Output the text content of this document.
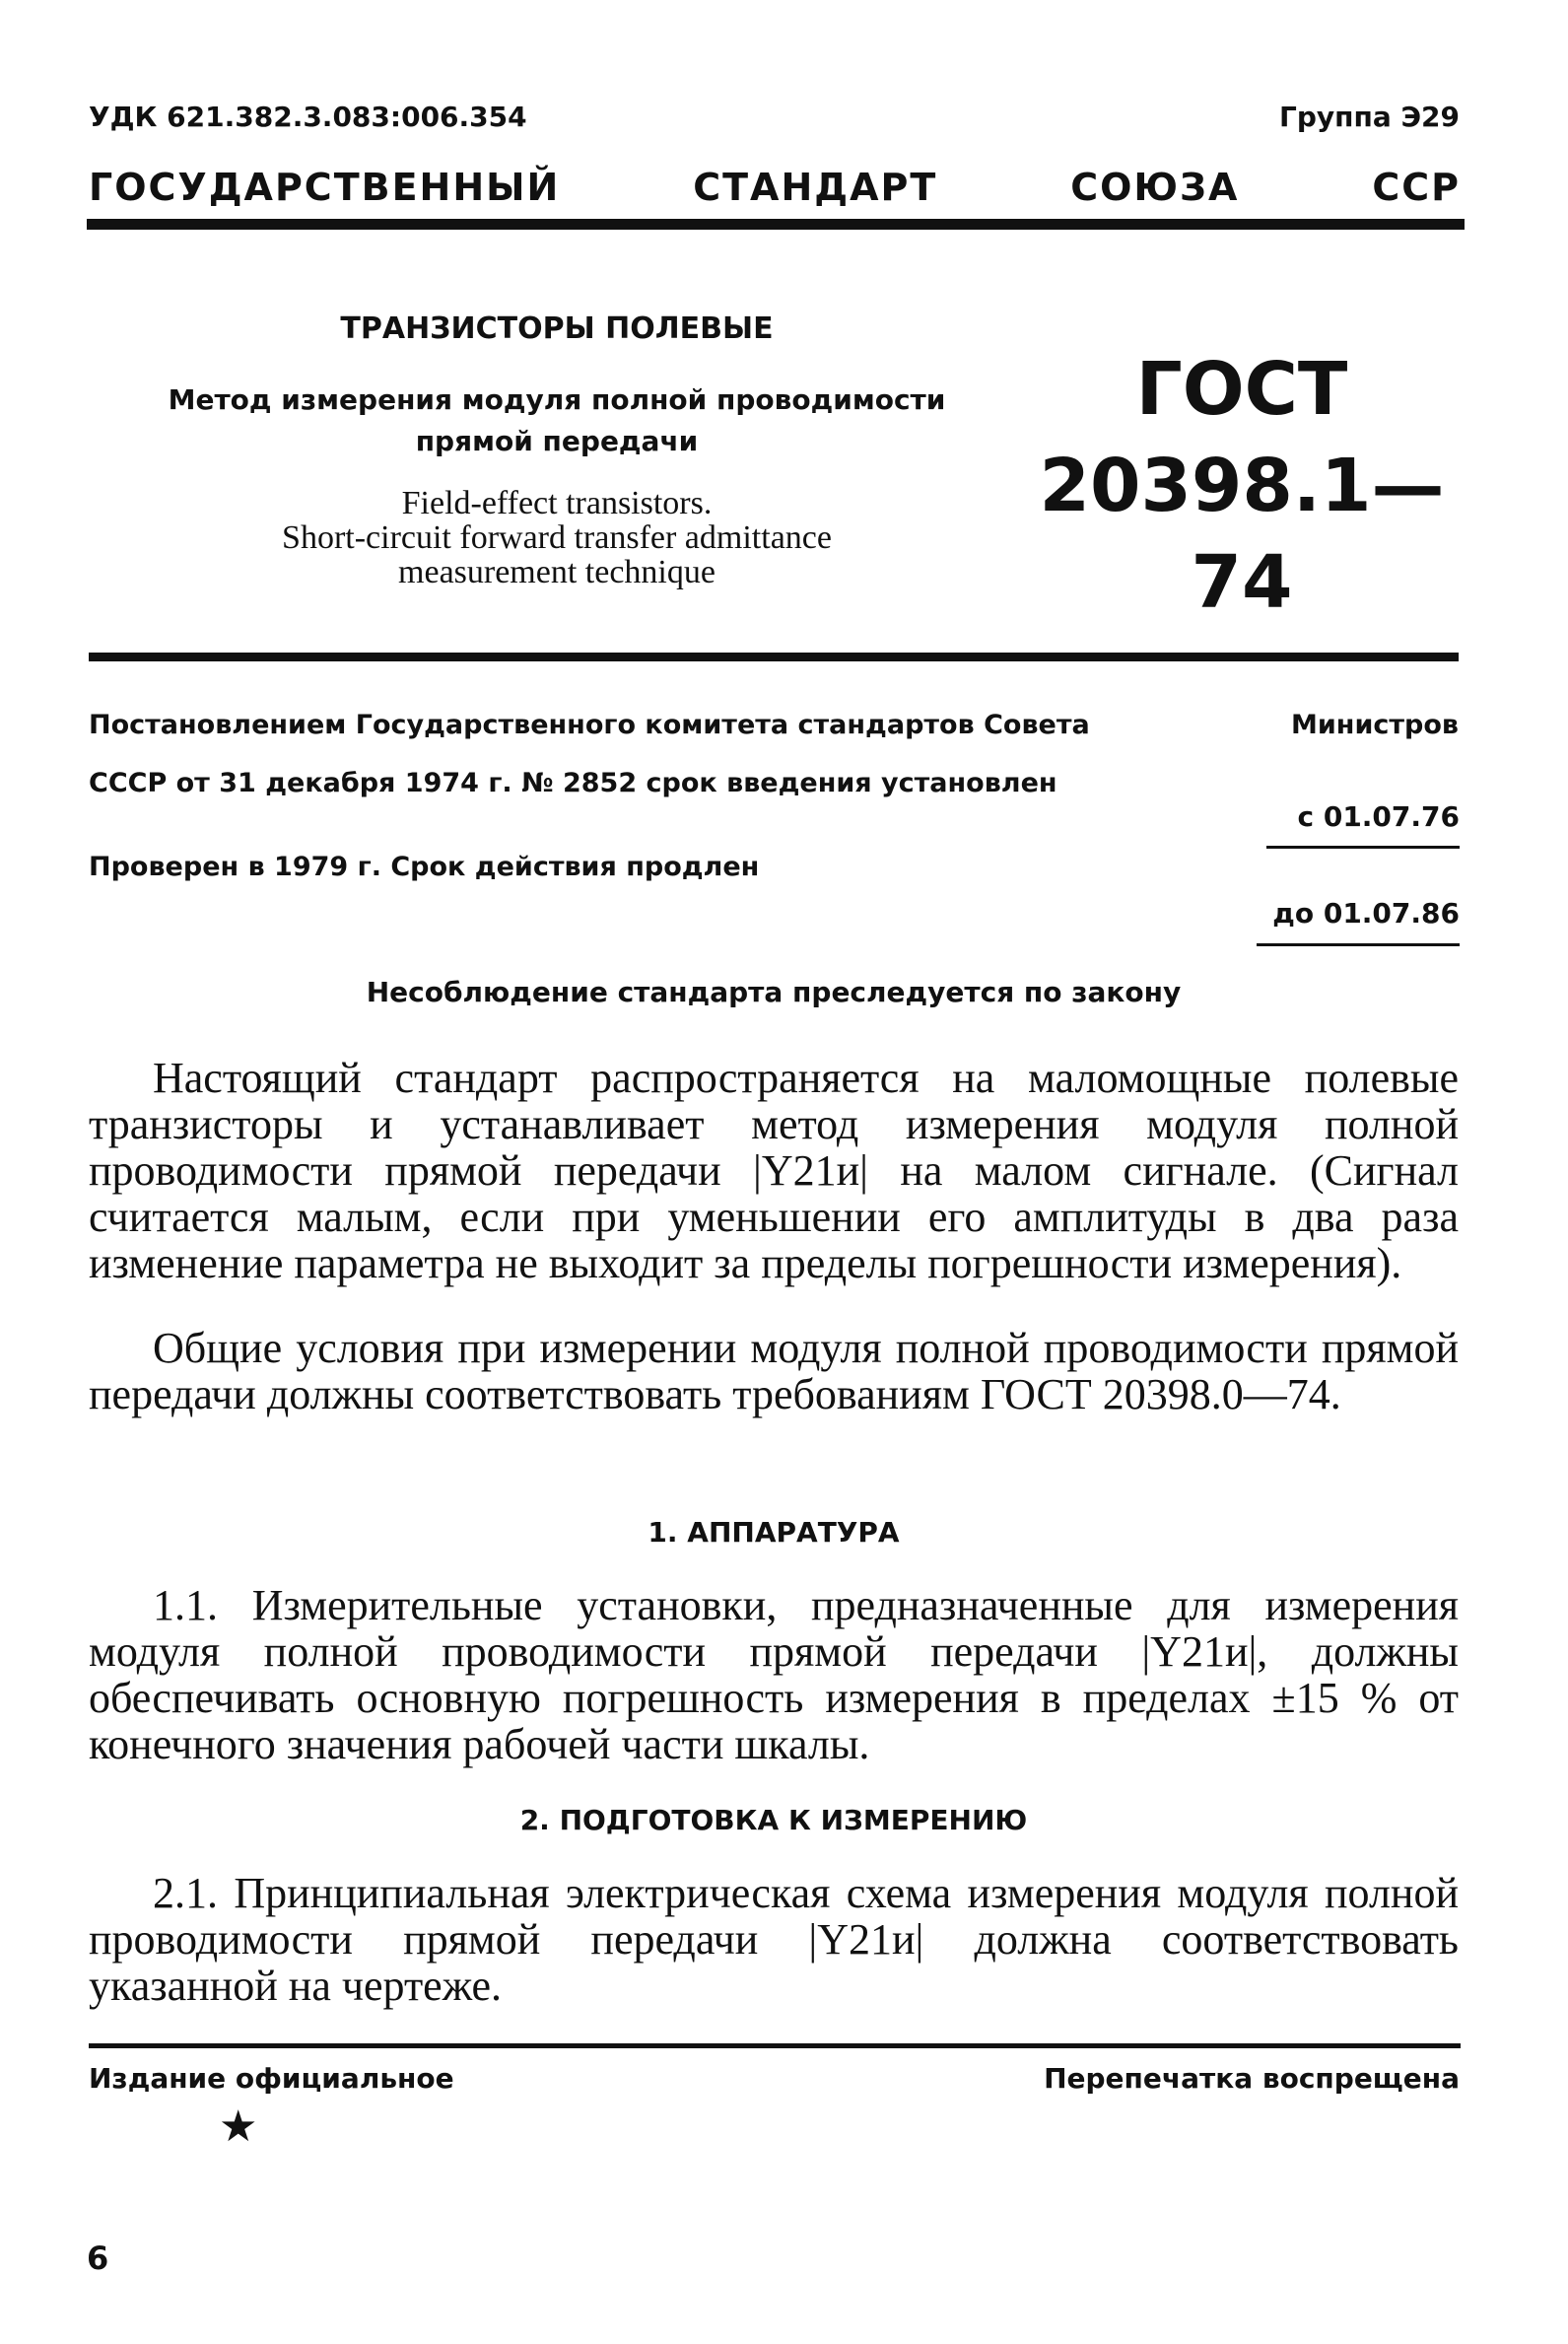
УДК 621.382.3.083:006.354	Группа Э29
ГОСУДАРСТВЕННЫЙ СТАНДАРТ СОЮЗА ССР
ТРАНЗИСТОРЫ ПОЛЕВЫЕ
Метод измерения модуля полной проводимости
прямой передачи
Field-effect transistors.
Short-circuit forward transfer admittance
measurement technique
ГОСТ
20398.1—74
Постановлением Государственного комитета стандартов Совета	Министров
СССР от 31 декабря 1974 г. № 2852 срок введения установлен
с 01.07.76
Проверен в 1979 г. Срок действия продлен
до 01.07.86
Несоблюдение стандарта преследуется по закону
Настоящий стандарт распространяется на маломощные полевые транзисторы и устанавливает метод измерения модуля полной проводимости прямой передачи |Y21и| на малом сигнале. (Сигнал считается малым, если при уменьшении его амплитуды в два раза изменение параметра не выходит за пределы погрешности измерения).
Общие условия при измерении модуля полной проводимости прямой передачи должны соответствовать требованиям ГОСТ 20398.0—74.
1. АППАРАТУРА
1.1. Измерительные установки, предназначенные для измерения модуля полной проводимости прямой передачи |Y21и|, должны обеспечивать основную погрешность измерения в пределах ±15 % от конечного значения рабочей части шкалы.
2. ПОДГОТОВКА К ИЗМЕРЕНИЮ
2.1. Принципиальная электрическая схема измерения модуля полной проводимости прямой передачи |Y21и| должна соответствовать указанной на чертеже.
Издание официальное	Перепечатка воспрещена
★
6
